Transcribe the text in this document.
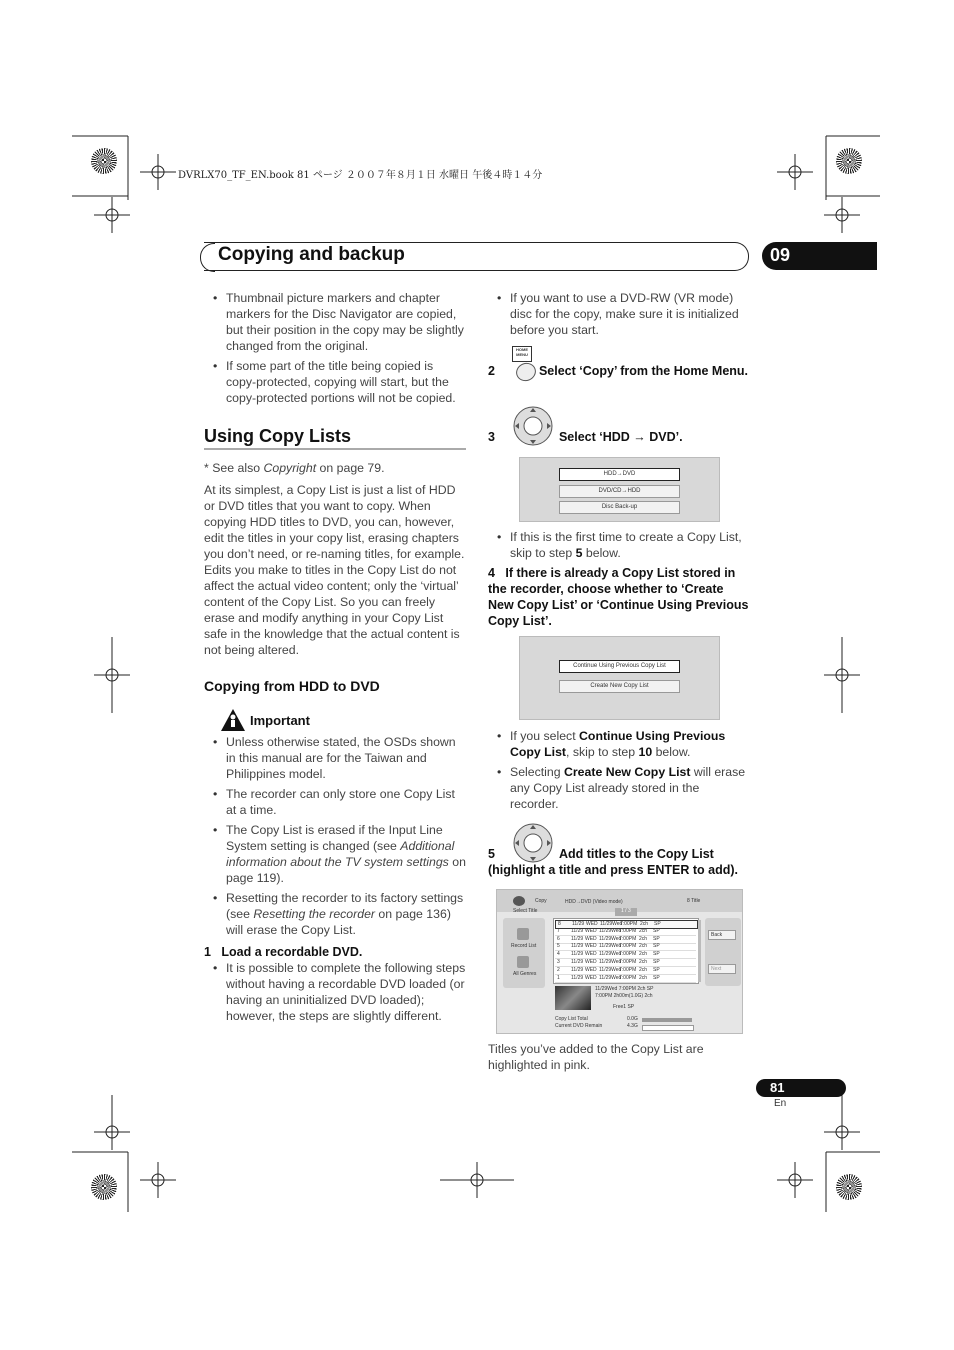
DVRLX70_TF_EN.book 81 ページ ２００７年８月１日 水曜日 午後４時１４分
Copying and backup	09
• Thumbnail picture markers and chapter markers for the Disc Navigator are copied, but their position in the copy may be slightly changed from the original.
• If some part of the title being copied is copy-protected, copying will start, but the copy-protected portions will not be copied.
Using Copy Lists

* See also Copyright on page 79.

At its simplest, a Copy List is just a list of HDD or DVD titles that you want to copy. When copying HDD titles to DVD, you can, however, edit the titles in your copy list, erasing chapters you don’t need, or re-naming titles, for example. Edits you make to titles in the Copy List do not affect the actual video content; only the ‘virtual’ content of the Copy List. So you can freely erase and modify anything in your Copy List safe in the knowledge that the actual content is not being altered.

Copying from HDD to DVD
Important
• Unless otherwise stated, the OSDs shown in this manual are for the Taiwan and Philippines model.
• The recorder can only store one Copy List at a time.
• The Copy List is erased if the Input Line System setting is changed (see Additional information about the TV system settings on page 119).
• Resetting the recorder to its factory settings (see Resetting the recorder on page 136) will erase the Copy List.
1 Load a recordable DVD.
• It is possible to complete the following steps without having a recordable DVD loaded (or having an uninitialized DVD loaded); however, the steps are slightly different.
• If you want to use a DVD-RW (VR mode) disc for the copy, make sure it is initialized before you start.
HOME MENU
2	Select ‘Copy’ from the Home Menu.
3	Select ‘HDD → DVD’.
HDD→DVD
DVD/CD→HDD
Disc Back-up
• If this is the first time to create a Copy List, skip to step 5 below.
4 If there is already a Copy List stored in the recorder, choose whether to ‘Create New Copy List’ or ‘Continue Using Previous Copy List’.
Continue Using Previous Copy List
Create New Copy List
• If you select Continue Using Previous Copy List, skip to step 10 below.
• Selecting Create New Copy List will erase any Copy List already stored in the recorder.
5	Add titles to the Copy List (highlight a title and press ENTER to add).
Copy	HDD→DVD (Video mode)	8 Title
Select Title	1 / 3
Record List
All Genres
8 11/29 WED 11/29Wed7:00PM 2ch SP
7 11/29 WED 11/29Wed7:00PM 2ch SP
6 11/29 WED 11/29Wed7:00PM 2ch SP
5 11/29 WED 11/29Wed7:00PM 2ch SP
4 11/29 WED 11/29Wed7:00PM 2ch SP
3 11/29 WED 11/29Wed7:00PM 2ch SP
2 11/29 WED 11/29Wed7:00PM 2ch SP
1 11/29 WED 11/29Wed7:00PM 2ch SP
Back
Next
11/29Wed 7:00PM 2ch SP
7:00PM 2h00m(1.0G) 2ch
Free1 SP
Copy List Total	0.0G
Current DVD Remain	4.3G
Titles you’ve added to the Copy List are highlighted in pink.
81
En
